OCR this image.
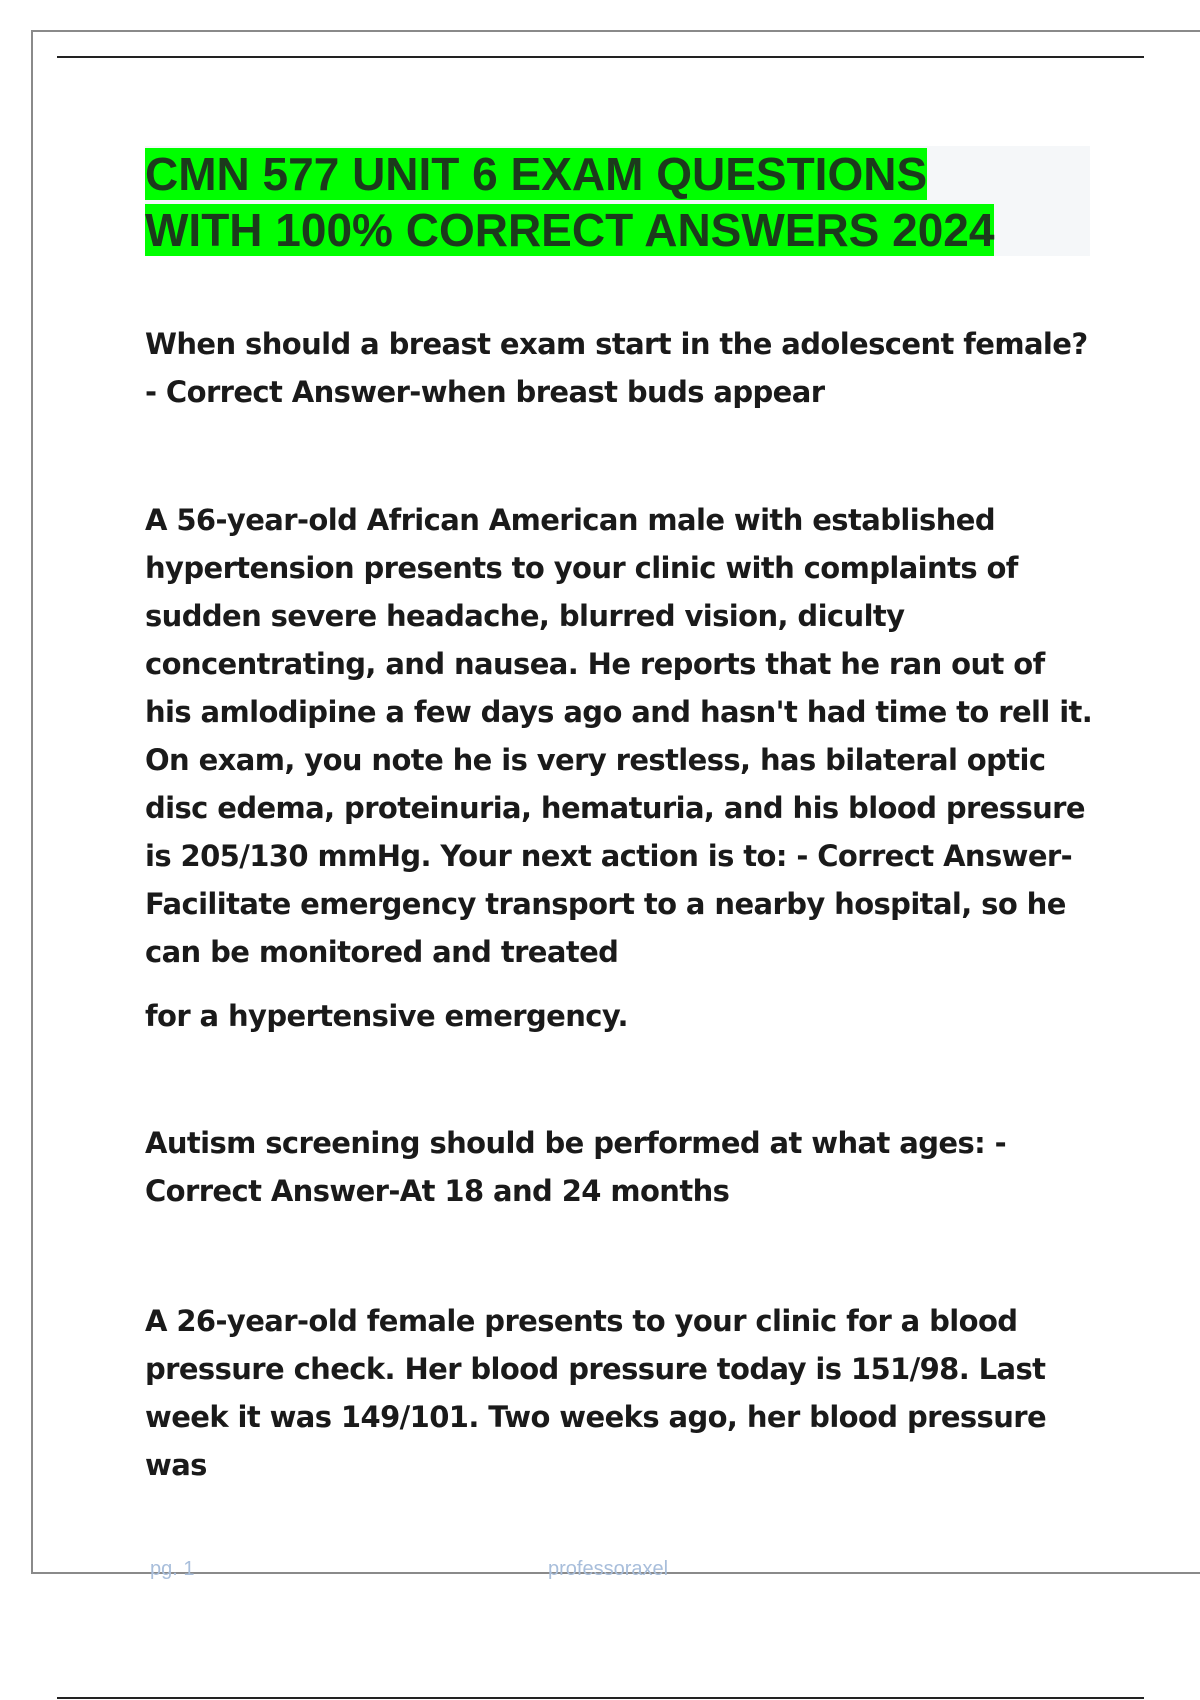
CMN 577 UNIT 6 EXAM QUESTIONS
WITH 100% CORRECT ANSWERS 2024

When should a breast exam start in the adolescent female? - Correct Answer-when breast buds appear

A 56-year-old African American male with established hypertension presents to your clinic with complaints of sudden severe headache, blurred vision, diculty concentrating, and nausea. He reports that he ran out of his amlodipine a few days ago and hasn't had time to rell it. On exam, you note he is very restless, has bilateral optic disc edema, proteinuria, hematuria, and his blood pressure is 205/130 mmHg. Your next action is to: - Correct Answer-Facilitate emergency transport to a nearby hospital, so he can be monitored and treated

for a hypertensive emergency.

Autism screening should be performed at what ages: - Correct Answer-At 18 and 24 months

A 26-year-old female presents to your clinic for a blood pressure check. Her blood pressure today is 151/98. Last week it was 149/101. Two weeks ago, her blood pressure was

pg. 1	professoraxel
